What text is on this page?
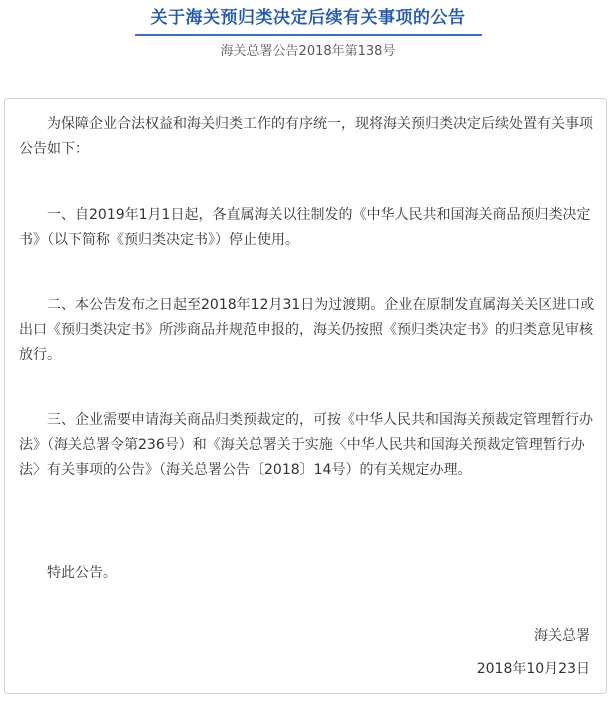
关于海关预归类决定后续有关事项的公告
海关总署公告2018年第138号

为保障企业合法权益和海关归类工作的有序统一，现将海关预归类决定后续处置有关事项公告如下：

一、自2019年1月1日起，各直属海关以往制发的《中华人民共和国海关商品预归类决定书》（以下简称《预归类决定书》）停止使用。

二、本公告发布之日起至2018年12月31日为过渡期。企业在原制发直属海关关区进口或出口《预归类决定书》所涉商品并规范申报的，海关仍按照《预归类决定书》的归类意见审核放行。

三、企业需要申请海关商品归类预裁定的，可按《中华人民共和国海关预裁定管理暂行办法》（海关总署令第236号）和《海关总署关于实施〈中华人民共和国海关预裁定管理暂行办法〉有关事项的公告》（海关总署公告〔2018〕14号）的有关规定办理。

特此公告。

海关总署
2018年10月23日
